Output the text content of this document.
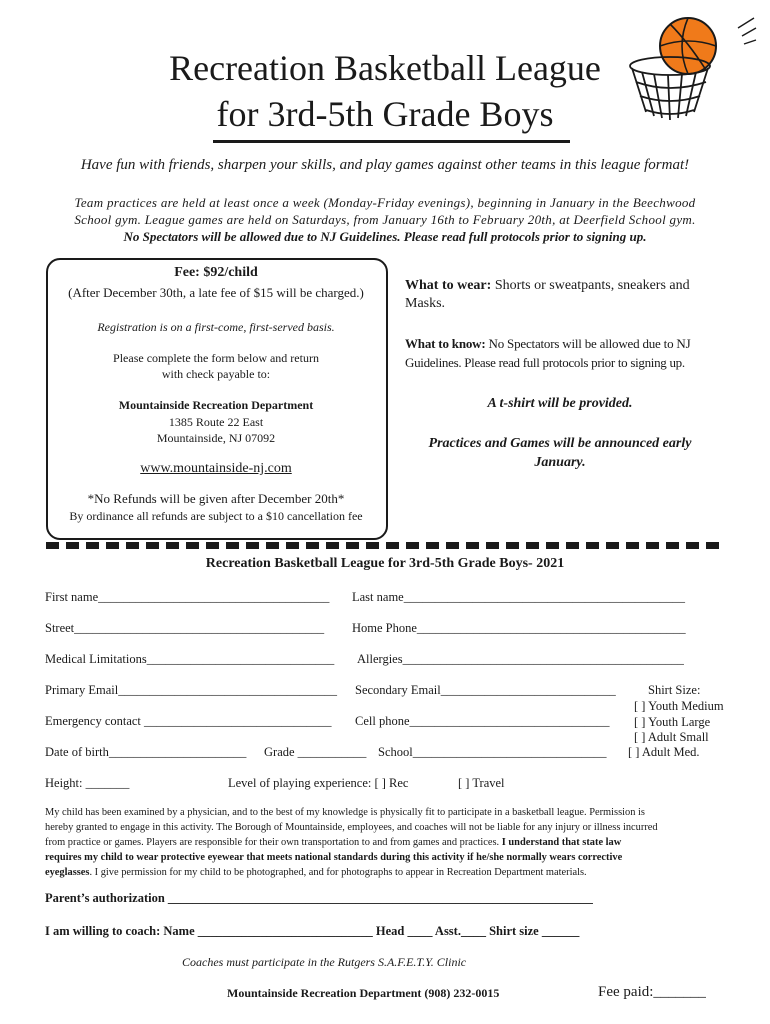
Recreation Basketball League
for 3rd-5th Grade Boys
Have fun with friends, sharpen your skills, and play games against other teams in this league format!
Team practices are held at least once a week (Monday-Friday evenings), beginning in January in the Beechwood
School gym. League games are held on Saturdays, from January 16th to February 20th, at Deerfield School gym.
No Spectators will be allowed due to NJ Guidelines. Please read full protocols prior to signing up.
Fee: $92/child
(After December 30th, a late fee of $15 will be charged.)
Registration is on a first-come, first-served basis.
Please complete the form below and return
with check payable to:
Mountainside Recreation Department
1385 Route 22 East
Mountainside, NJ 07092
www.mountainside-nj.com
*No Refunds will be given after December 20th*
By ordinance all refunds are subject to a $10 cancellation fee
What to wear: Shorts or sweatpants, sneakers and
Masks.
What to know: No Spectators will be allowed due to NJ
Guidelines. Please read full protocols prior to signing up.
A t-shirt will be provided.
Practices and Games will be announced early
January.
Recreation Basketball League for 3rd-5th Grade Boys- 2021
First name_____________________________________ Last name_____________________________________________
Street________________________________________ Home Phone___________________________________________
Medical Limitations______________________________ Allergies_____________________________________________
Primary Email___________________________________ Secondary Email____________________________
Emergency contact ______________________________ Cell phone________________________________
Date of birth______________________ Grade ___________ School_______________________________
Shirt Size:
[ ] Youth Medium
[ ] Youth Large
[ ] Adult Small
[ ] Adult Med.
Height: _______	Level of playing experience: [ ] Rec	[ ] Travel
My child has been examined by a physician, and to the best of my knowledge is physically fit to participate in a basketball league. Permission is
hereby granted to engage in this activity. The Borough of Mountainside, employees, and coaches will not be liable for any injury or illness incurred
from practice or games. Players are responsible for their own transportation to and from games and practices. I understand that state law
requires my child to wear protective eyewear that meets national standards during this activity if he/she normally wears corrective
eyeglasses. I give permission for my child to be photographed, and for photographs to appear in Recreation Department materials.
Parent’s authorization ____________________________________________________________________
I am willing to coach: Name ____________________________ Head ____ Asst.____ Shirt size ______
Coaches must participate in the Rutgers S.A.F.E.T.Y. Clinic
Mountainside Recreation Department (908) 232-0015	Fee paid:_______
